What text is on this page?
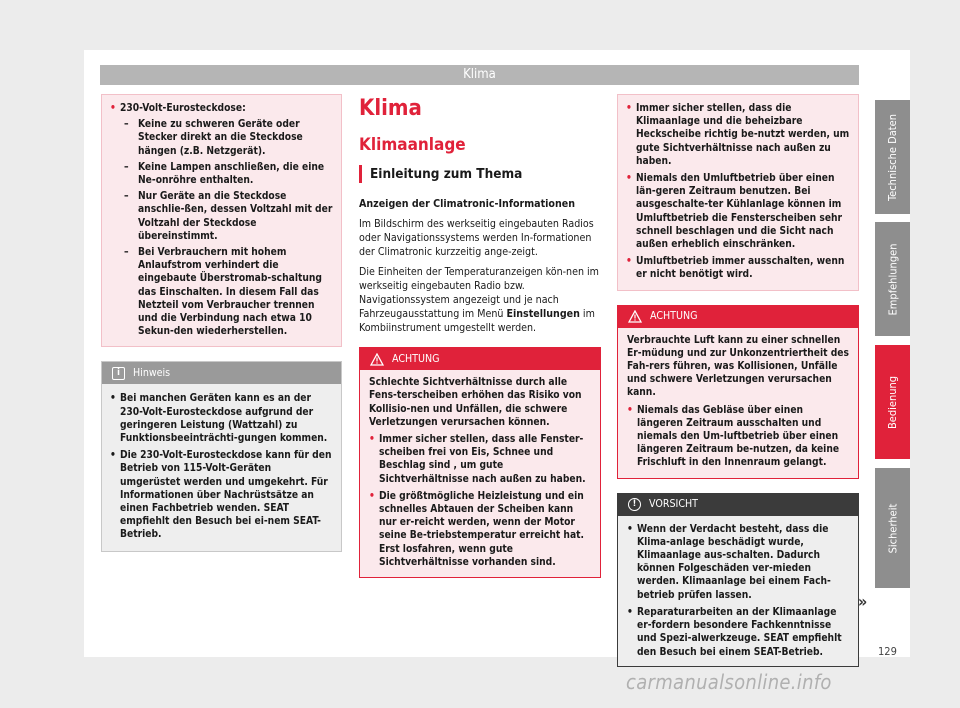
Klima
• 230-Volt-Eurosteckdose:
– Keine zu schweren Geräte oder Stecker direkt an die Steckdose hängen (z.B. Netzgerät).
– Keine Lampen anschließen, die eine Ne-onröhre enthalten.
– Nur Geräte an die Steckdose anschlie-ßen, dessen Voltzahl mit der Voltzahl der Steckdose übereinstimmt.
– Bei Verbrauchern mit hohem Anlaufstrom verhindert die eingebaute Überstromab-schaltung das Einschalten. In diesem Fall das Netzteil vom Verbraucher trennen und die Verbindung nach etwa 10 Sekun-den wiederherstellen.
i	Hinweis
• Bei manchen Geräten kann es an der 230-Volt-Eurosteckdose aufgrund der geringeren Leistung (Wattzahl) zu Funktionsbeeinträchti-gungen kommen.
• Die 230-Volt-Eurosteckdose kann für den Betrieb von 115-Volt-Geräten umgerüstet werden und umgekehrt. Für Informationen über Nachrüstsätze an einen Fachbetrieb wenden. SEAT empfiehlt den Besuch bei ei-nem SEAT-Betrieb.
Klima
Klimaanlage
Einleitung zum Thema
Anzeigen der Climatronic-Informationen
Im Bildschirm des werkseitig eingebauten Radios oder Navigationssystems werden In-formationen der Climatronic kurzzeitig ange-zeigt.
Die Einheiten der Temperaturanzeigen kön-nen im werkseitig eingebauten Radio bzw. Navigationssystem angezeigt und je nach Fahrzeugausstattung im Menü Einstellungen im Kombiinstrument umgestellt werden.
ACHTUNG
Schlechte Sichtverhältnisse durch alle Fens-terscheiben erhöhen das Risiko von Kollisio-nen und Unfällen, die schwere Verletzungen verursachen können.
• Immer sicher stellen, dass alle Fenster-scheiben frei von Eis, Schnee und Beschlag sind , um gute Sichtverhältnisse nach außen zu haben.
• Die größtmögliche Heizleistung und ein schnelles Abtauen der Scheiben kann nur er-reicht werden, wenn der Motor seine Be-triebstemperatur erreicht hat. Erst losfahren, wenn gute Sichtverhältnisse vorhanden sind.
• Immer sicher stellen, dass die Klimaanlage und die beheizbare Heckscheibe richtig be-nutzt werden, um gute Sichtverhältnisse nach außen zu haben.
• Niemals den Umluftbetrieb über einen län-geren Zeitraum benutzen. Bei ausgeschalte-ter Kühlanlage können im Umluftbetrieb die Fensterscheiben sehr schnell beschlagen und die Sicht nach außen erheblich einschränken.
• Umluftbetrieb immer ausschalten, wenn er nicht benötigt wird.
ACHTUNG
Verbrauchte Luft kann zu einer schnellen Er-müdung und zur Unkonzentriertheit des Fah-rers führen, was Kollisionen, Unfälle und schwere Verletzungen verursachen kann.
• Niemals das Gebläse über einen längeren Zeitraum ausschalten und niemals den Um-luftbetrieb über einen längeren Zeitraum be-nutzen, da keine Frischluft in den Innenraum gelangt.
!	VORSICHT
• Wenn der Verdacht besteht, dass die Klima-anlage beschädigt wurde, Klimaanlage aus-schalten. Dadurch können Folgeschäden ver-mieden werden. Klimaanlage bei einem Fach-betrieb prüfen lassen.
• Reparaturarbeiten an der Klimaanlage er-fordern besondere Fachkenntnisse und Spezi-alwerkzeuge. SEAT empfiehlt den Besuch bei einem SEAT-Betrieb.
Technische Daten
Empfehlungen
Bedienung
Sicherheit
»
129
carmanualsonline.info
